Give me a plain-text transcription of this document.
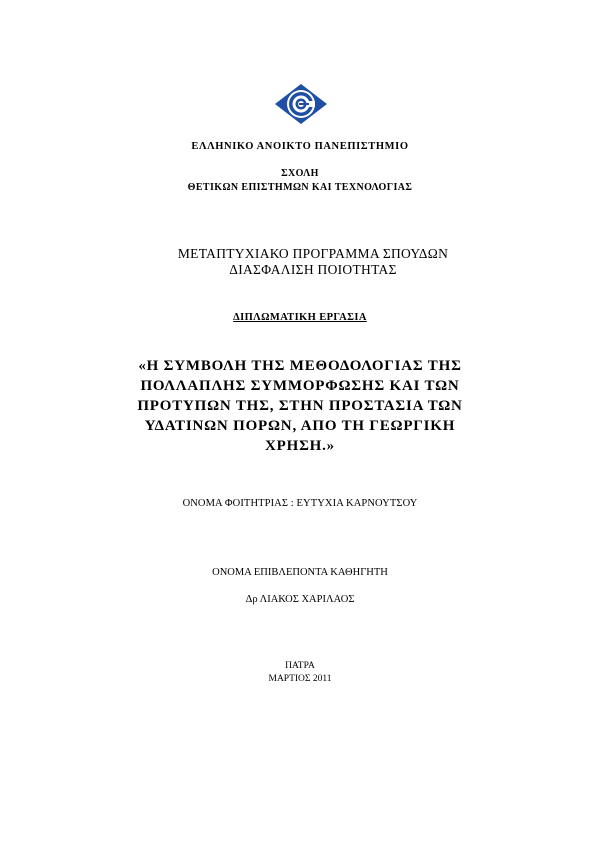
ΕΛΛΗΝΙΚΟ ΑΝΟΙΚΤΟ ΠΑΝΕΠΙΣΤΗΜΙΟ
ΣΧΟΛΗ
ΘΕΤΙΚΩΝ ΕΠΙΣΤΗΜΩΝ ΚΑΙ ΤΕΧΝΟΛΟΓΙΑΣ
ΜΕΤΑΠΤΥΧΙΑΚΟ ΠΡΟΓΡΑΜΜΑ ΣΠΟΥΔΩΝ
ΔΙΑΣΦΑΛΙΣΗ ΠΟΙΟΤΗΤΑΣ
ΔΙΠΛΩΜΑΤΙΚΗ ΕΡΓΑΣΙΑ
«Η ΣΥΜΒΟΛΗ ΤΗΣ ΜΕΘΟΔΟΛΟΓΙΑΣ ΤΗΣ
ΠΟΛΛΑΠΛΗΣ ΣΥΜΜΟΡΦΩΣΗΣ ΚΑΙ ΤΩΝ
ΠΡΟΤΥΠΩΝ ΤΗΣ, ΣΤΗΝ ΠΡΟΣΤΑΣΙΑ ΤΩΝ
ΥΔΑΤΙΝΩΝ ΠΟΡΩΝ, ΑΠΟ ΤΗ ΓΕΩΡΓΙΚΗ
ΧΡΗΣΗ.»
ΟΝΟΜΑ ΦΟΙΤΗΤΡΙΑΣ : ΕΥΤΥΧΙΑ ΚΑΡΝΟΥΤΣΟΥ
ΟΝΟΜΑ ΕΠΙΒΛΕΠΟΝΤΑ ΚΑΘΗΓΗΤΗ
Δρ ΛΙΑΚΟΣ ΧΑΡΙΛΑΟΣ
ΠΑΤΡΑ
ΜΑΡΤΙΟΣ 2011
